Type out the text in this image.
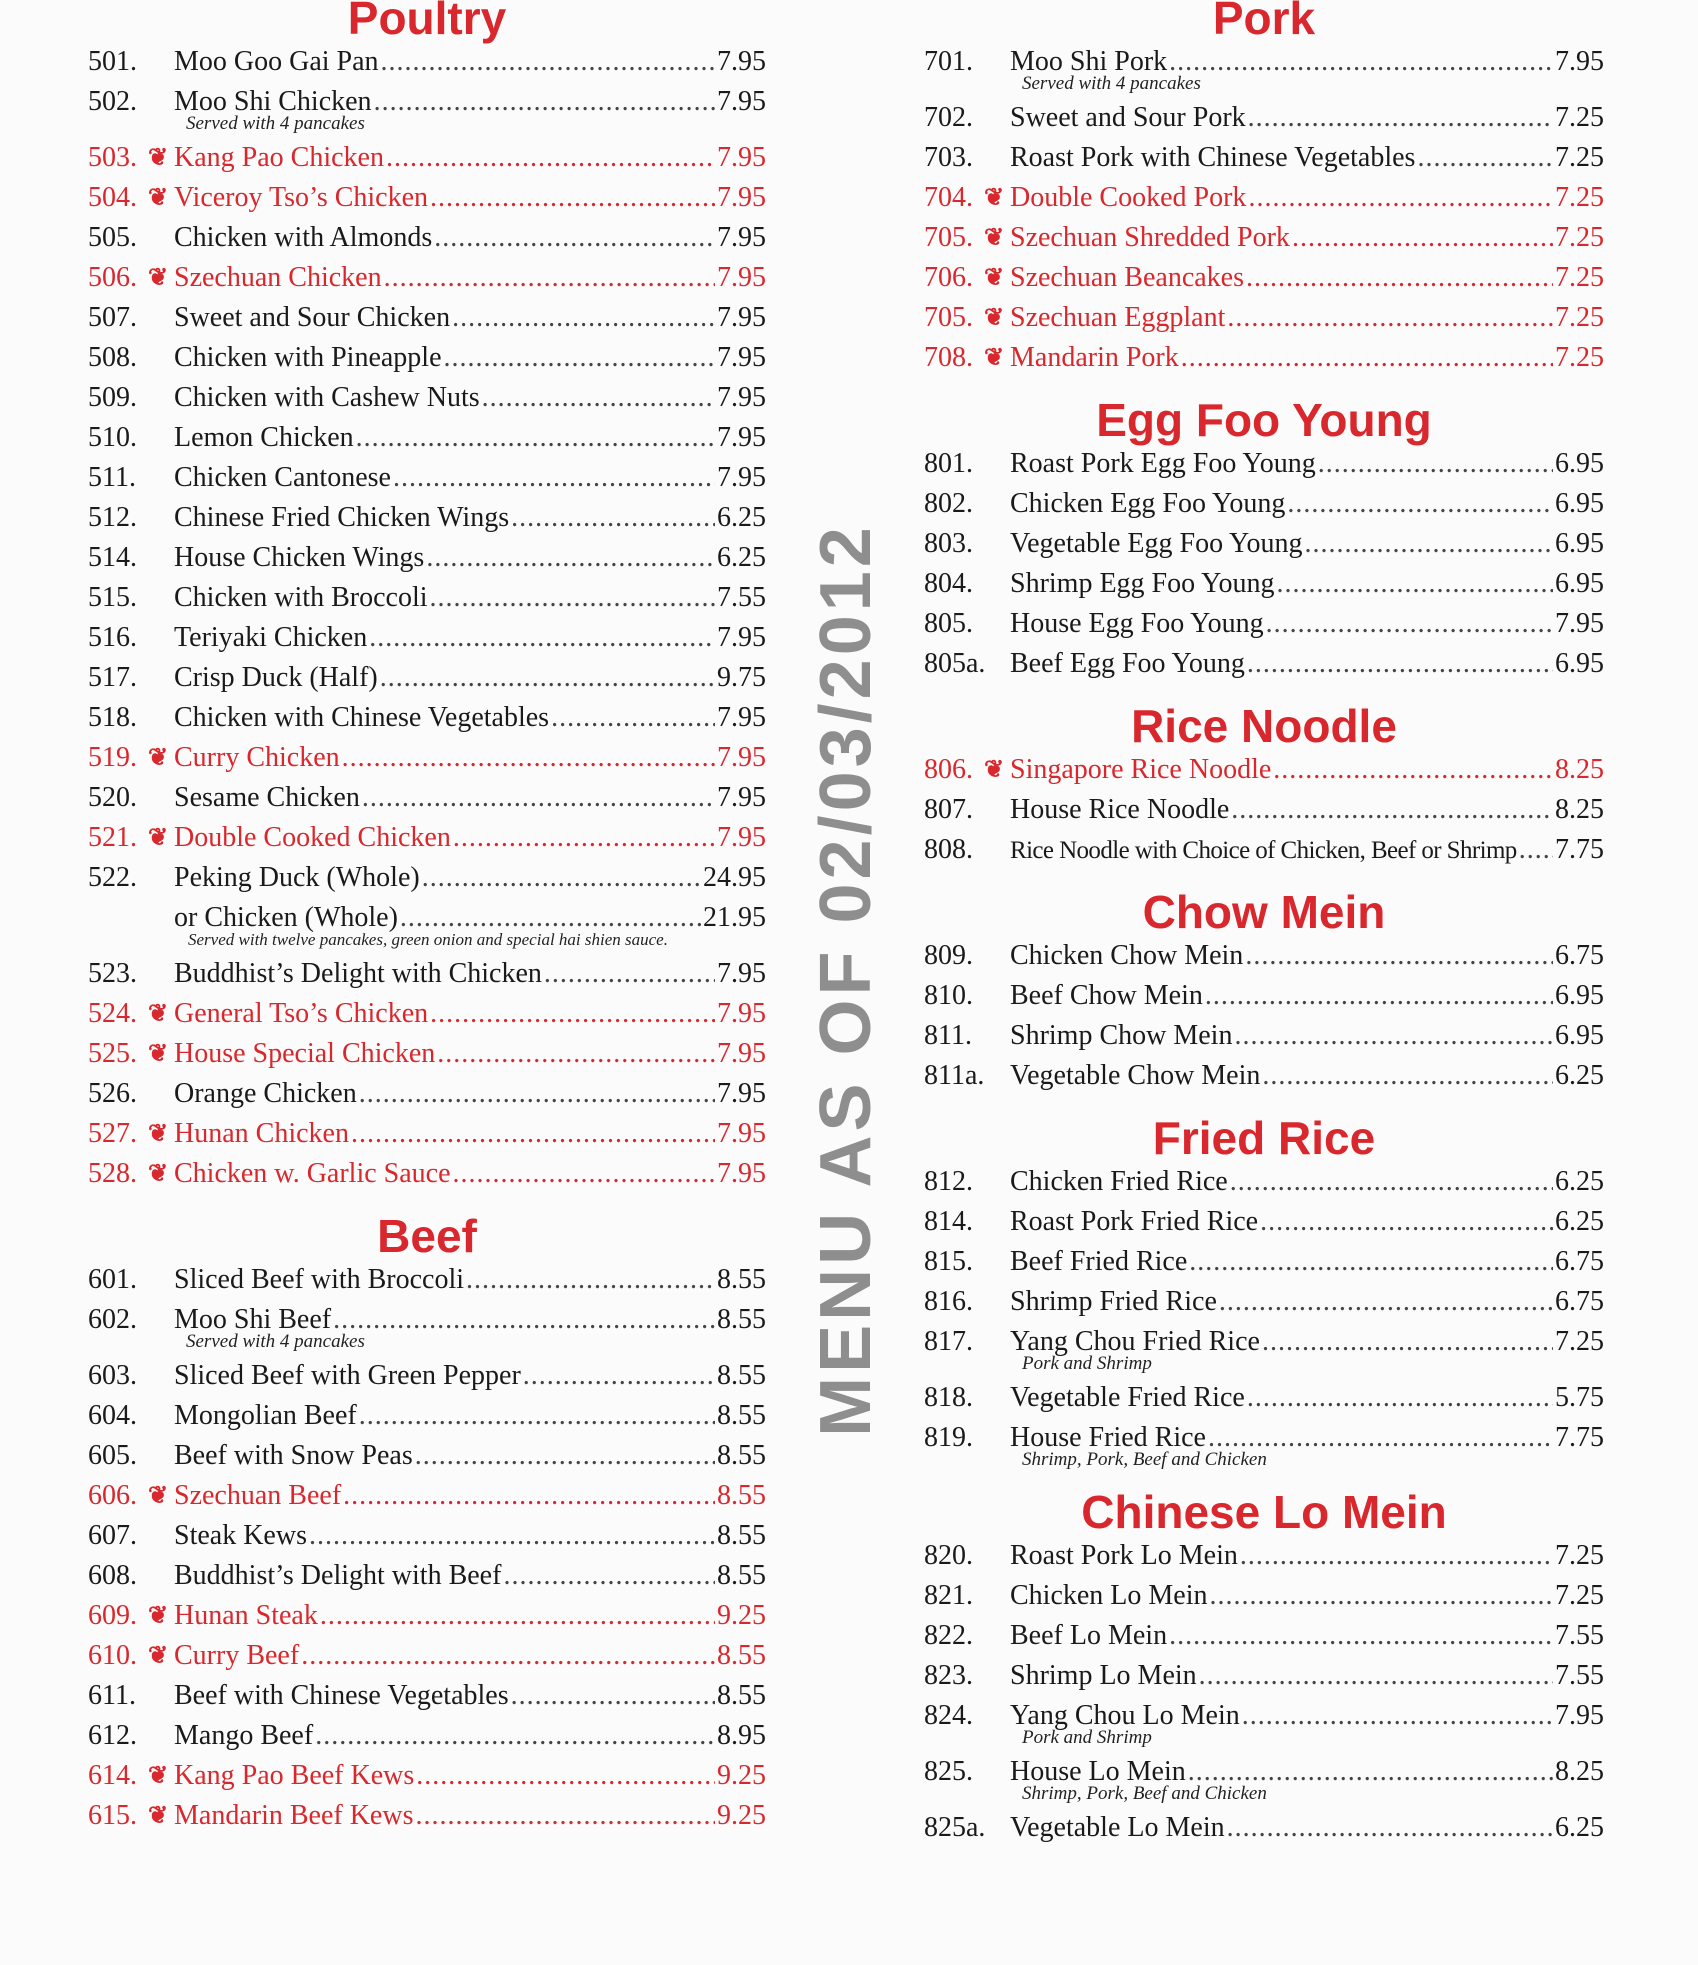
Poultry
501.	Moo Goo Gai Pan .....	7.95
502.	Moo Shi Chicken .....	7.95
Served with 4 pancakes
503. ❦ Kang Pao Chicken .....	7.95
504. ❦ Viceroy Tso’s Chicken .....	7.95
505.	Chicken with Almonds .....	7.95
506. ❦ Szechuan Chicken .....	7.95
507.	Sweet and Sour Chicken .....	7.95
508.	Chicken with Pineapple .....	7.95
509.	Chicken with Cashew Nuts .....	7.95
510.	Lemon Chicken .....	7.95
511.	Chicken Cantonese .....	7.95
512.	Chinese Fried Chicken Wings .....	6.25
514.	House Chicken Wings .....	6.25
515.	Chicken with Broccoli .....	7.55
516.	Teriyaki Chicken .....	7.95
517.	Crisp Duck (Half) .....	9.75
518.	Chicken with Chinese Vegetables .....	7.95
519. ❦ Curry Chicken .....	7.95
520.	Sesame Chicken .....	7.95
521. ❦ Double Cooked Chicken .....	7.95
522.	Peking Duck (Whole) .....	24.95
or Chicken (Whole) .....	21.95
Served with twelve pancakes, green onion and special hai shien sauce.
523.	Buddhist’s Delight with Chicken .....	7.95
524. ❦ General Tso’s Chicken .....	7.95
525. ❦ House Special Chicken .....	7.95
526.	Orange Chicken .....	7.95
527. ❦ Hunan Chicken .....	7.95
528. ❦ Chicken w. Garlic Sauce .....	7.95
Beef
601.	Sliced Beef with Broccoli .....	8.55
602.	Moo Shi Beef .....	8.55
Served with 4 pancakes
603.	Sliced Beef with Green Pepper .....	8.55
604.	Mongolian Beef .....	8.55
605.	Beef with Snow Peas .....	8.55
606. ❦ Szechuan Beef .....	8.55
607.	Steak Kews .....	8.55
608.	Buddhist’s Delight with Beef .....	8.55
609. ❦ Hunan Steak .....	9.25
610. ❦ Curry Beef .....	8.55
611.	Beef with Chinese Vegetables .....	8.55
612.	Mango Beef .....	8.95
614. ❦ Kang Pao Beef Kews .....	9.25
615. ❦ Mandarin Beef Kews .....	9.25
Pork
701.	Moo Shi Pork .....	7.95
Served with 4 pancakes
702.	Sweet and Sour Pork .....	7.25
703.	Roast Pork with Chinese Vegetables .....	7.25
704. ❦ Double Cooked Pork .....	7.25
705. ❦ Szechuan Shredded Pork .....	7.25
706. ❦ Szechuan Beancakes .....	7.25
705. ❦ Szechuan Eggplant .....	7.25
708. ❦ Mandarin Pork .....	7.25
Egg Foo Young
801.	Roast Pork Egg Foo Young .....	6.95
802.	Chicken Egg Foo Young .....	6.95
803.	Vegetable Egg Foo Young .....	6.95
804.	Shrimp Egg Foo Young .....	6.95
805.	House Egg Foo Young .....	7.95
805a. Beef Egg Foo Young .....	6.95
Rice Noodle
806. ❦ Singapore Rice Noodle .....	8.25
807.	House Rice Noodle .....	8.25
808.	Rice Noodle with Choice of Chicken, Beef or Shrimp ..... 7.75
Chow Mein
809.	Chicken Chow Mein .....	6.75
810.	Beef Chow Mein .....	6.95
811.	Shrimp Chow Mein .....	6.95
811a. Vegetable Chow Mein .....	6.25
Fried Rice
812.	Chicken Fried Rice .....	6.25
814.	Roast Pork Fried Rice .....	6.25
815.	Beef Fried Rice .....	6.75
816.	Shrimp Fried Rice .....	6.75
817.	Yang Chou Fried Rice .....	7.25
Pork and Shrimp
818.	Vegetable Fried Rice .....	5.75
819.	House Fried Rice .....	7.75
Shrimp, Pork, Beef and Chicken
Chinese Lo Mein
820.	Roast Pork Lo Mein .....	7.25
821.	Chicken Lo Mein .....	7.25
822.	Beef Lo Mein .....	7.55
823.	Shrimp Lo Mein .....	7.55
824.	Yang Chou Lo Mein .....	7.95
Pork and Shrimp
825.	House Lo Mein .....	8.25
Shrimp, Pork, Beef and Chicken
825a. Vegetable Lo Mein .....	6.25
MENU AS OF 02/03/2012
